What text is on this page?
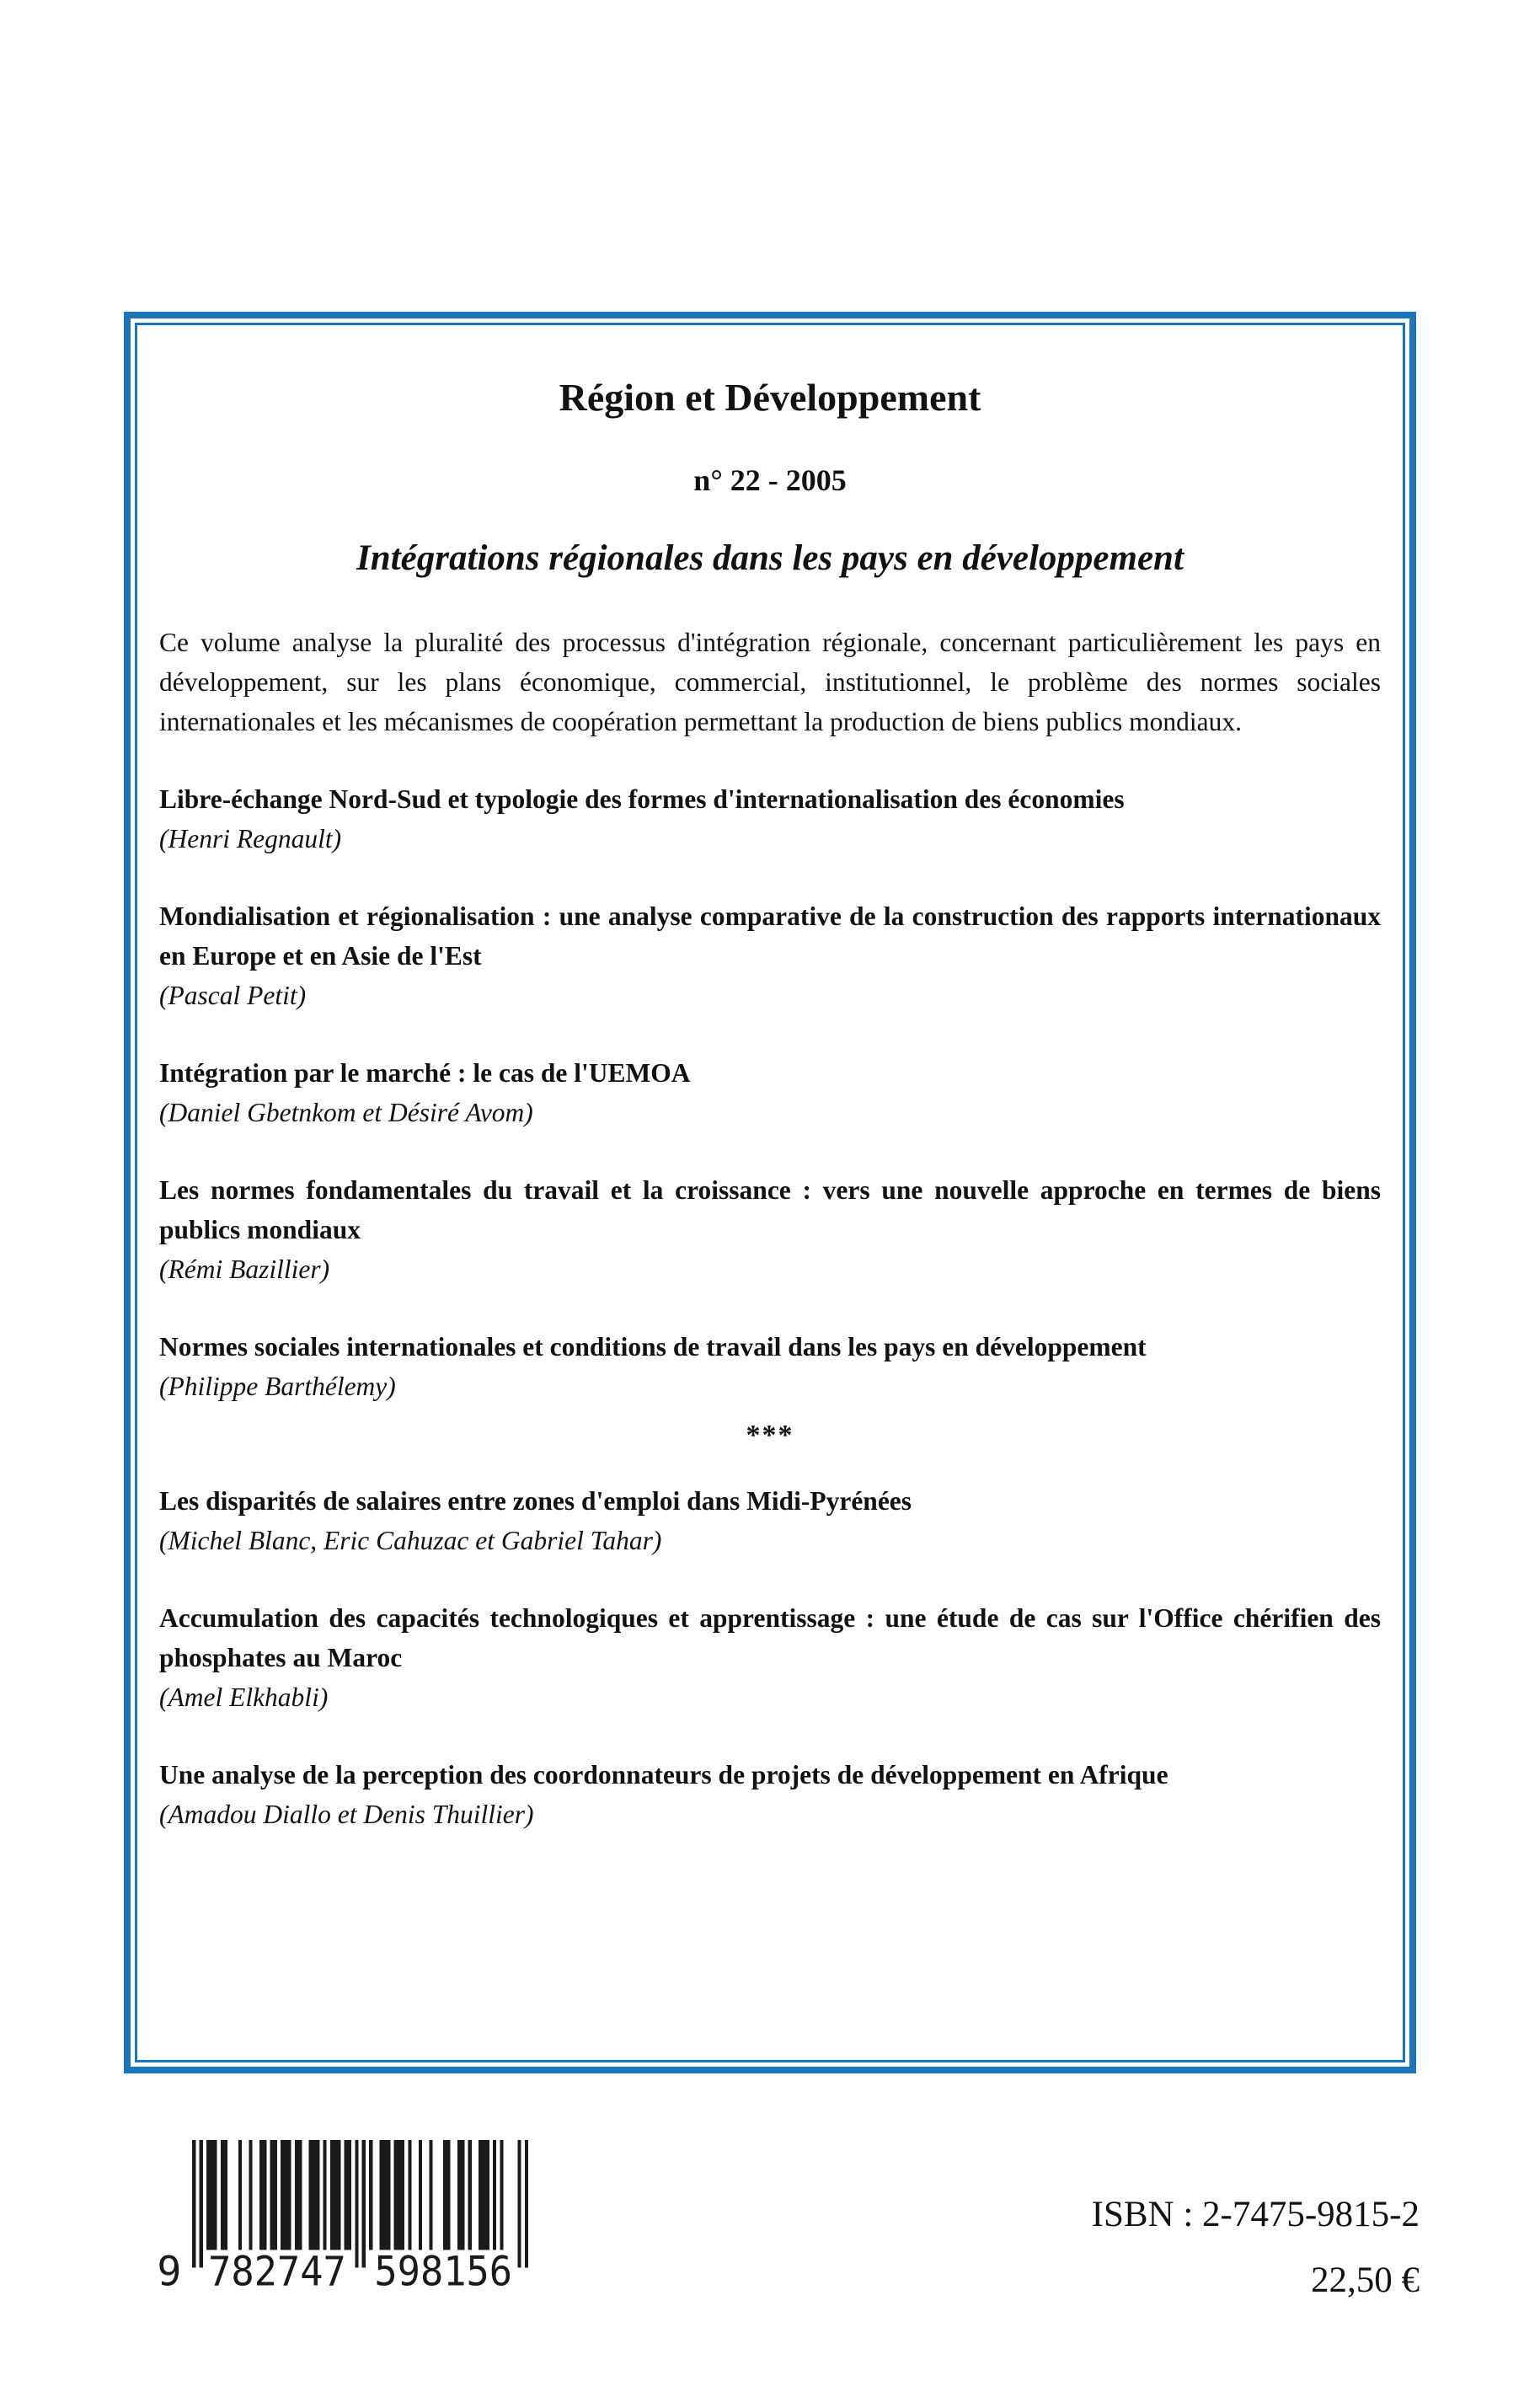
Région et Développement
n° 22 - 2005
Intégrations régionales dans les pays en développement
Ce volume analyse la pluralité des processus d'intégration régionale, concernant particulièrement les pays en développement, sur les plans économique, commercial, institutionnel, le problème des normes sociales internationales et les mécanismes de coopération permettant la production de biens publics mondiaux.
Libre-échange Nord-Sud et typologie des formes d'internationalisation des économies
(Henri Regnault)
Mondialisation et régionalisation : une analyse comparative de la construction des rapports internationaux en Europe et en Asie de l'Est
(Pascal Petit)
Intégration par le marché : le cas de l'UEMOA
(Daniel Gbetnkom et Désiré Avom)
Les normes fondamentales du travail et la croissance : vers une nouvelle approche en termes de biens publics mondiaux
(Rémi Bazillier)
Normes sociales internationales et conditions de travail dans les pays en développement
(Philippe Barthélemy)
***
Les disparités de salaires entre zones d'emploi dans Midi-Pyrénées
(Michel Blanc, Eric Cahuzac et Gabriel Tahar)
Accumulation des capacités technologiques et apprentissage : une étude de cas sur l'Office chérifien des phosphates au Maroc
(Amel Elkhabli)
Une analyse de la perception des coordonnateurs de projets de développement en Afrique
(Amadou Diallo et Denis Thuillier)
9	782747	598156
ISBN : 2-7475-9815-2
22,50 €
